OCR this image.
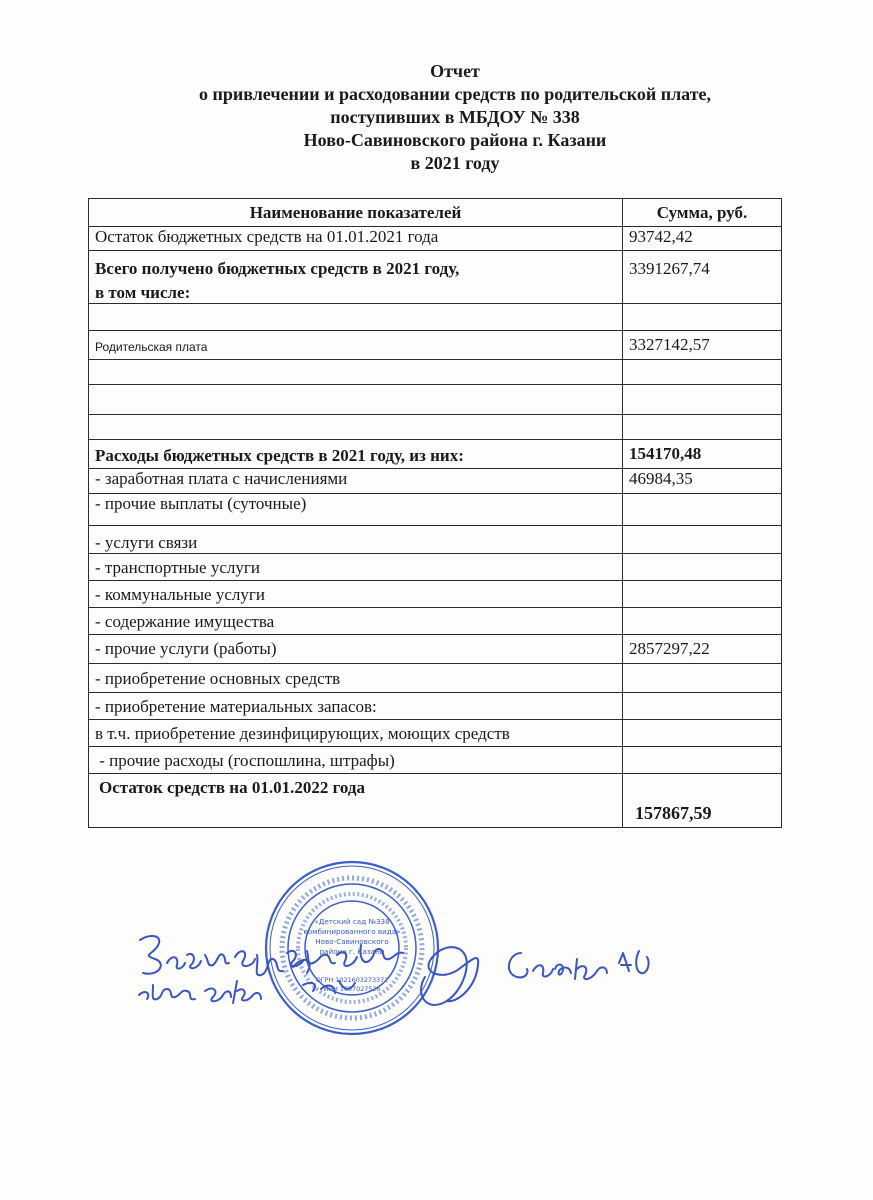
Отчет
о привлечении и расходовании средств по родительской плате,
поступивших в МБДОУ № 338
Ново-Савиновского района г. Казани
в 2021 году
Наименование показателей	Сумма, руб.
Остаток бюджетных средств на 01.01.2021 года	93742,42

Всего получено бюджетных средств в 2021 году,
в том числе:	3391267,74

Родительская плата	3327142,57

Расходы бюджетных средств в 2021 году, из них:	154170,48
- заработная плата с начислениями	46984,35
- прочие выплаты (суточные)	
- услуги связи	
- транспортные услуги	
- коммунальные услуги	
- содержание имущества	
- прочие услуги (работы)	2857297,22
- приобретение основных средств	
- приобретение материальных запасов:	
в т.ч. приобретение дезинфицирующих, моющих средств	
- прочие расходы (госпошлина, штрафы)	
Остаток средств на 01.01.2022 года	157867,59
«Детский сад №338
комбинированного вида»
Ново-Савиновского
района г. Казани
ОГРН 1021603273372
ИНН 1657027526
